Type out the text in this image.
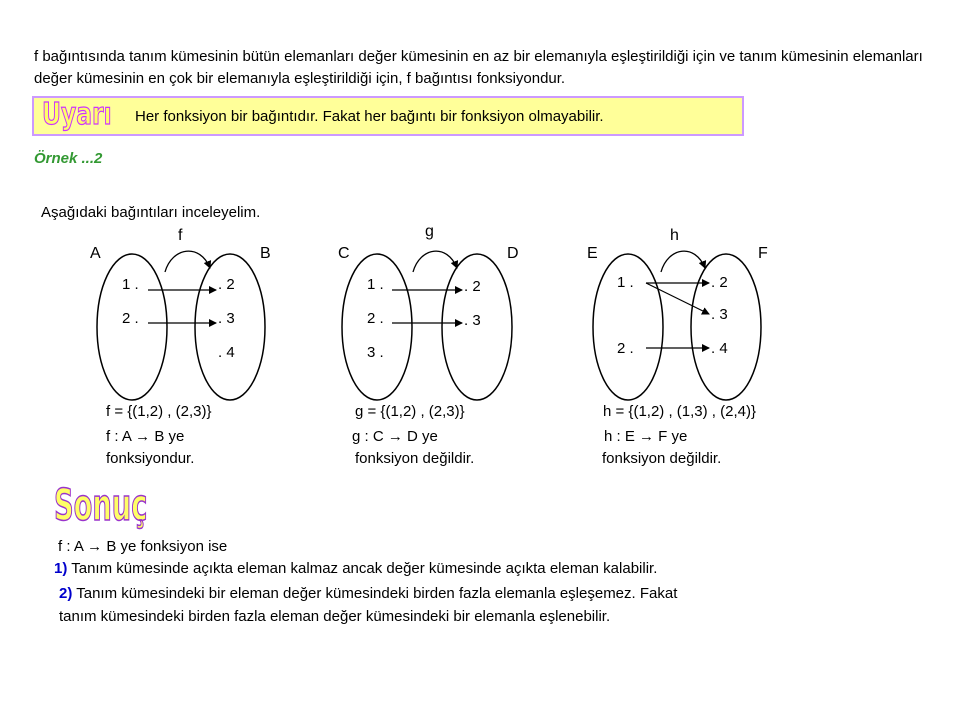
f bağıntısında tanım kümesinin bütün elemanları değer kümesinin en az bir elemanıyla eşleştirildiği için ve tanım kümesinin elemanları değer kümesinin en çok bir elemanıyla eşleştirildiği için, f bağıntısı fonksiyondur.
Uyarı Her fonksiyon bir bağıntıdır. Fakat her bağıntı bir fonksiyon olmayabilir.
Örnek ...2
Aşağıdaki bağıntıları inceleyelim.
f
A	B
1 .
2 .
. 2
. 3
. 4
f = {(1,2) , (2,3)}
f : A → B ye
fonksiyondur.
g
C	D
1 .
2 .
3 .
. 2
. 3
g = {(1,2) , (2,3)}
g : C → D ye
fonksiyon değildir.
h
E	F
1 .
2 .
. 2
. 3
. 4
h = {(1,2) , (1,3) , (2,4)}
h : E → F ye
fonksiyon değildir.
Sonuç
f : A → B ye fonksiyon ise
1) Tanım kümesinde açıkta eleman kalmaz ancak değer kümesinde açıkta eleman kalabilir.
2) Tanım kümesindeki bir eleman değer kümesindeki birden fazla elemanla eşleşemez. Fakat
tanım kümesindeki birden fazla eleman değer kümesindeki bir elemanla eşlenebilir.
